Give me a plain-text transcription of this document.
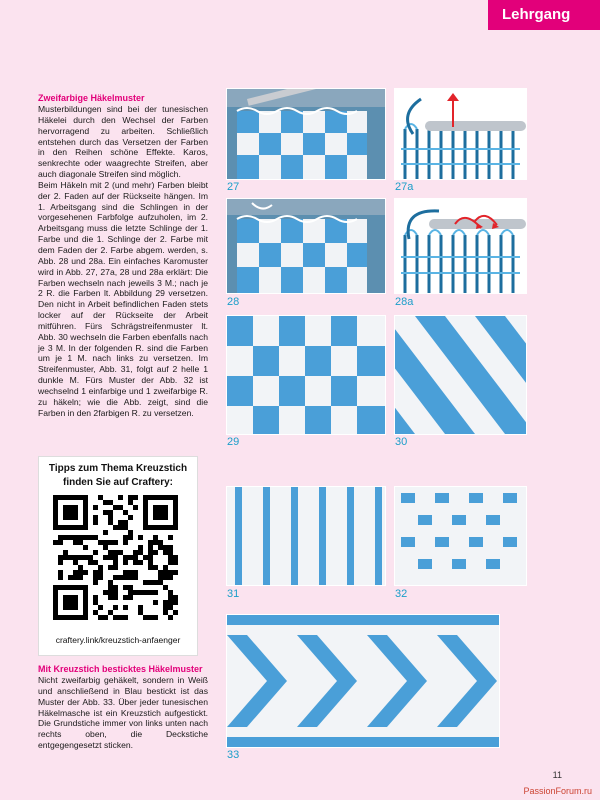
Lehrgang
Zweifarbige Häkelmuster
Musterbildungen sind bei der tunesischen Häkelei durch den Wechsel der Farben hervorragend zu arbeiten. Schließlich entstehen durch das Versetzen der Farben in den Reihen schöne Effekte. Karos, senkrechte oder waagrechte Streifen, aber auch diagonale Streifen sind möglich.
Beim Häkeln mit 2 (und mehr) Farben bleibt der 2. Faden auf der Rückseite hängen. Im 1. Arbeitsgang sind die Schlingen in der vorgesehenen Farbfolge aufzuholen, im 2. Arbeitsgang muss die letzte Schlinge der 1. Farbe und die 1. Schlinge der 2. Farbe mit dem Faden der 2. Farbe abgem. werden, s. Abb. 28 und 28a. Ein einfaches Karomuster wird in Abb. 27, 27a, 28 und 28a erklärt: Die Farben wechseln nach jeweils 3 M.; nach je 2 R. die Farben lt. Abbildung 29 versetzen. Den nicht in Arbeit befindlichen Faden stets locker auf der Rückseite der Arbeit mitführen. Fürs Schrägstreifenmuster lt. Abb. 30 wechseln die Farben ebenfalls nach je 3 M. In der folgenden R. sind die Farben um je 1 M. nach links zu versetzen. Im Streifenmuster, Abb. 31, folgt auf 2 helle 1 dunkle M. Fürs Muster der Abb. 32 ist wechselnd 1 einfarbige und 1 zweifarbige R. zu häkeln; wie die Abb. zeigt, sind die Farben in den 2farbigen R. zu versetzen.
Tipps zum Thema Kreuzstich
finden Sie auf Craftery:
craftery.link/kreuzstich-anfaenger
Mit Kreuzstich besticktes Häkelmuster
Nicht zweifarbig gehäkelt, sondern in Weiß und anschließend in Blau bestickt ist das Muster der Abb. 33. Über jeder tunesischen Häkelmasche ist ein Kreuzstich aufgestickt. Die Grundstiche immer von links unten nach rechts oben, die Deckstiche entgegengesetzt sticken.
27	27a
28	28a
29	30
31	32
33
11
PassionForum.ru
